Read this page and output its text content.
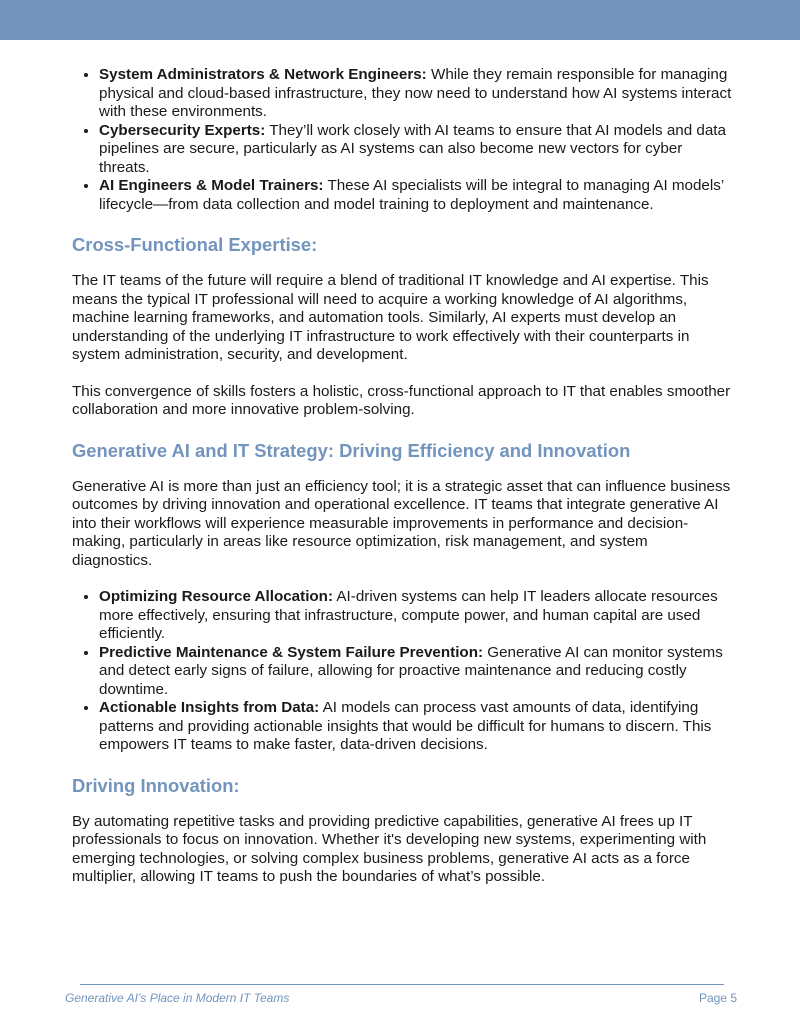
• System Administrators & Network Engineers: While they remain responsible for managing physical and cloud-based infrastructure, they now need to understand how AI systems interact with these environments.
• Cybersecurity Experts: They’ll work closely with AI teams to ensure that AI models and data pipelines are secure, particularly as AI systems can also become new vectors for cyber threats.
• AI Engineers & Model Trainers: These AI specialists will be integral to managing AI models’ lifecycle—from data collection and model training to deployment and maintenance.
Cross-Functional Expertise:

The IT teams of the future will require a blend of traditional IT knowledge and AI expertise. This means the typical IT professional will need to acquire a working knowledge of AI algorithms, machine learning frameworks, and automation tools. Similarly, AI experts must develop an understanding of the underlying IT infrastructure to work effectively with their counterparts in system administration, security, and development.

This convergence of skills fosters a holistic, cross-functional approach to IT that enables smoother collaboration and more innovative problem-solving.

Generative AI and IT Strategy: Driving Efficiency and Innovation

Generative AI is more than just an efficiency tool; it is a strategic asset that can influence business outcomes by driving innovation and operational excellence. IT teams that integrate generative AI into their workflows will experience measurable improvements in performance and decision-making, particularly in areas like resource optimization, risk management, and system diagnostics.

• Optimizing Resource Allocation: AI-driven systems can help IT leaders allocate resources more effectively, ensuring that infrastructure, compute power, and human capital are used efficiently.
• Predictive Maintenance & System Failure Prevention: Generative AI can monitor systems and detect early signs of failure, allowing for proactive maintenance and reducing costly downtime.
• Actionable Insights from Data: AI models can process vast amounts of data, identifying patterns and providing actionable insights that would be difficult for humans to discern. This empowers IT teams to make faster, data-driven decisions.
Driving Innovation:

By automating repetitive tasks and providing predictive capabilities, generative AI frees up IT professionals to focus on innovation. Whether it's developing new systems, experimenting with emerging technologies, or solving complex business problems, generative AI acts as a force multiplier, allowing IT teams to push the boundaries of what’s possible.

Generative AI’s Place in Modern IT Teams	Page 5
